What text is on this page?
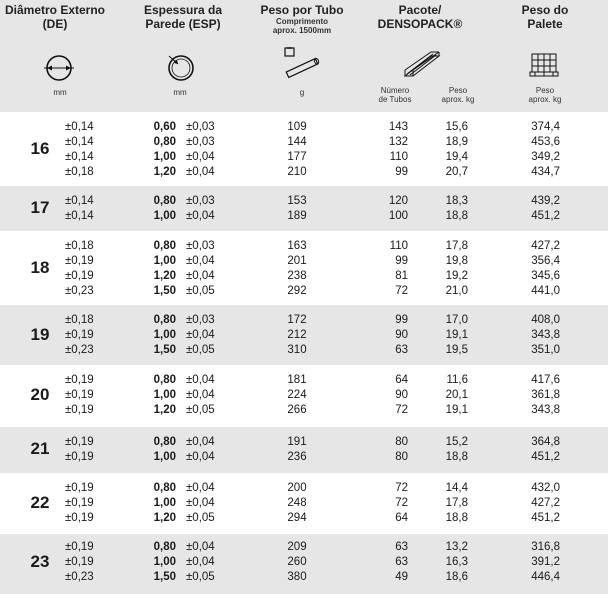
Diâmetro Externo
(DE)
mm
Espessura da
Parede (ESP)
mm
Peso por Tubo
Comprimento
aprox. 1500mm
g
Pacote/
DENSOPACK®
Número
de Tubos
Peso
aprox. kg
Peso do
Palete
Peso
aprox. kg
16
±0,14	0,60 ±0,03	109	143	15,6	374,4
±0,14	0,80 ±0,03	144	132	18,9	453,6
±0,14	1,00 ±0,04	177	110	19,4	349,2
±0,18	1,20 ±0,04	210	99	20,7	434,7
17	±0,14	0,80 ±0,03	153	120	18,3	439,2
±0,14	1,00 ±0,04	189	100	18,8	451,2
18
±0,18	0,80 ±0,03	163	110	17,8	427,2
±0,19	1,00 ±0,04	201	99	19,8	356,4
±0,19	1,20 ±0,04	238	81	19,2	345,6
±0,23	1,50 ±0,05	292	72	21,0	441,0
19
±0,18	0,80 ±0,03	172	99	17,0	408,0
±0,19	1,00 ±0,04	212	90	19,1	343,8
±0,23	1,50 ±0,05	310	63	19,5	351,0
20
±0,19	0,80 ±0,04	181	64	11,6	417,6
±0,19	1,00 ±0,04	224	90	20,1	361,8
±0,19	1,20 ±0,05	266	72	19,1	343,8
21	±0,19	0,80 ±0,04	191	80	15,2	364,8
±0,19	1,00 ±0,04	236	80	18,8	451,2
22
±0,19	0,80 ±0,04	200	72	14,4	432,0
±0,19	1,00 ±0,04	248	72	17,8	427,2
±0,19	1,20 ±0,05	294	64	18,8	451,2
23
±0,19	0,80 ±0,04	209	63	13,2	316,8
±0,19	1,00 ±0,04	260	63	16,3	391,2
±0,23	1,50 ±0,05	380	49	18,6	446,4
